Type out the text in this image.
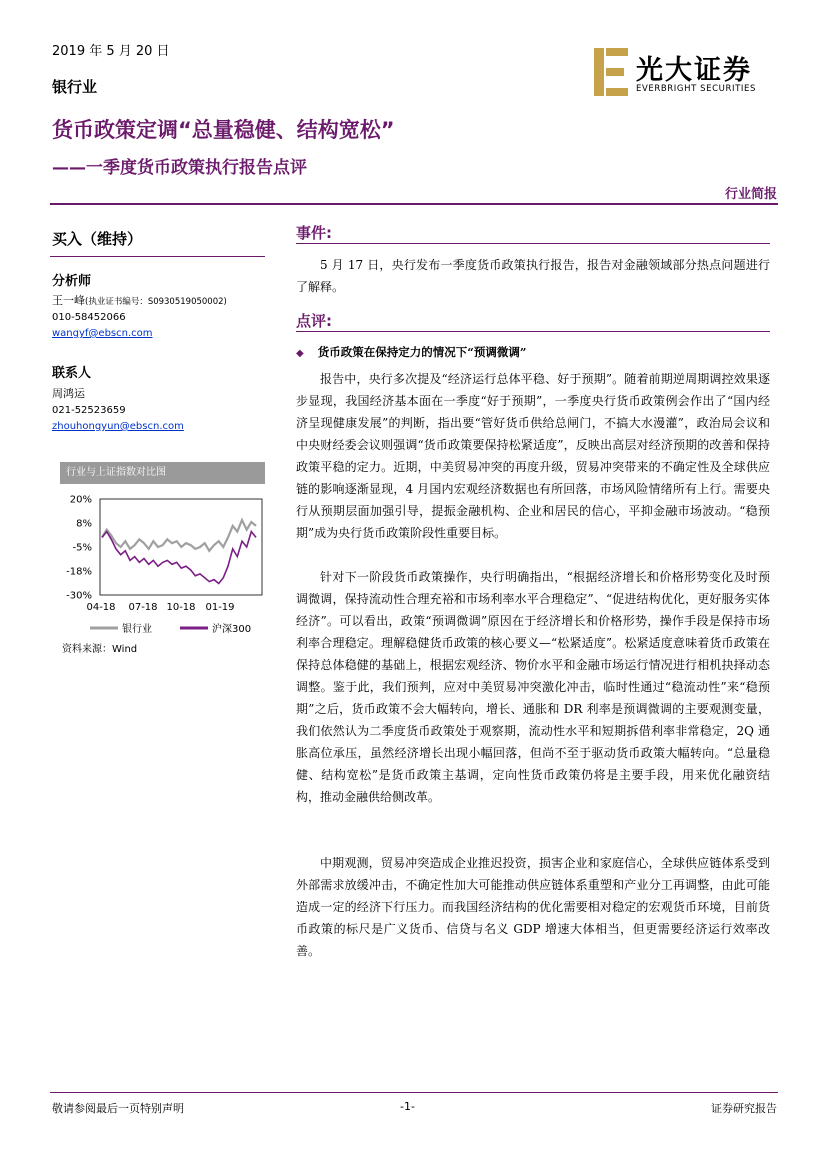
2019 年 5 月 20 日
银行业
货币政策定调“总量稳健、结构宽松”
——一季度货币政策执行报告点评
光大证券
EVERBRIGHT SECURITIES
行业简报
买入（维持）
分析师
王一峰(执业证书编号：S0930519050002)
010-58452066
wangyf@ebscn.com
联系人
周鸿运
021-52523659
zhouhongyun@ebscn.com
行业与上证指数对比图
20%
8%
-5%
-18%
-30%
04-18 07-18 10-18 01-19
银行业	沪深300
资料来源：Wind
事件:
5 月 17 日，央行发布一季度货币政策执行报告，报告对金融领域部分热点问题进行了解释。
点评:
◆ 货币政策在保持定力的情况下“预调微调”
报告中，央行多次提及“经济运行总体平稳、好于预期”。随着前期逆周期调控效果逐步显现，我国经济基本面在一季度“好于预期”，一季度央行货币政策例会作出了“国内经济呈现健康发展”的判断，指出要“管好货币供给总闸门，不搞大水漫灌”，政治局会议和中央财经委会议则强调“货币政策要保持松紧适度”，反映出高层对经济预期的改善和保持政策平稳的定力。近期，中美贸易冲突的再度升级，贸易冲突带来的不确定性及全球供应链的影响逐渐显现，4 月国内宏观经济数据也有所回落，市场风险情绪所有上行。需要央行从预期层面加强引导，提振金融机构、企业和居民的信心，平抑金融市场波动。“稳预期”成为央行货币政策阶段性重要目标。
针对下一阶段货币政策操作，央行明确指出，“根据经济增长和价格形势变化及时预调微调，保持流动性合理充裕和市场利率水平合理稳定”、“促进结构优化，更好服务实体经济”。可以看出，政策“预调微调”原因在于经济增长和价格形势，操作手段是保持市场利率合理稳定。理解稳健货币政策的核心要义—“松紧适度”。松紧适度意味着货币政策在保持总体稳健的基础上，根据宏观经济、物价水平和金融市场运行情况进行相机抉择动态调整。鉴于此，我们预判，应对中美贸易冲突激化冲击，临时性通过“稳流动性”来“稳预期”之后，货币政策不会大幅转向，增长、通胀和 DR 利率是预调微调的主要观测变量，我们依然认为二季度货币政策处于观察期，流动性水平和短期拆借利率非常稳定，2Q 通胀高位承压，虽然经济增长出现小幅回落，但尚不至于驱动货币政策大幅转向。“总量稳健、结构宽松”是货币政策主基调，定向性货币政策仍将是主要手段，用来优化融资结构，推动金融供给侧改革。
中期观测，贸易冲突造成企业推迟投资，损害企业和家庭信心，全球供应链体系受到外部需求放缓冲击，不确定性加大可能推动供应链体系重塑和产业分工再调整，由此可能造成一定的经济下行压力。而我国经济结构的优化需要相对稳定的宏观货币环境，目前货币政策的标尺是广义货币、信贷与名义 GDP 增速大体相当，但更需要经济运行效率改善。
敬请参阅最后一页特别声明	-1-	证券研究报告
